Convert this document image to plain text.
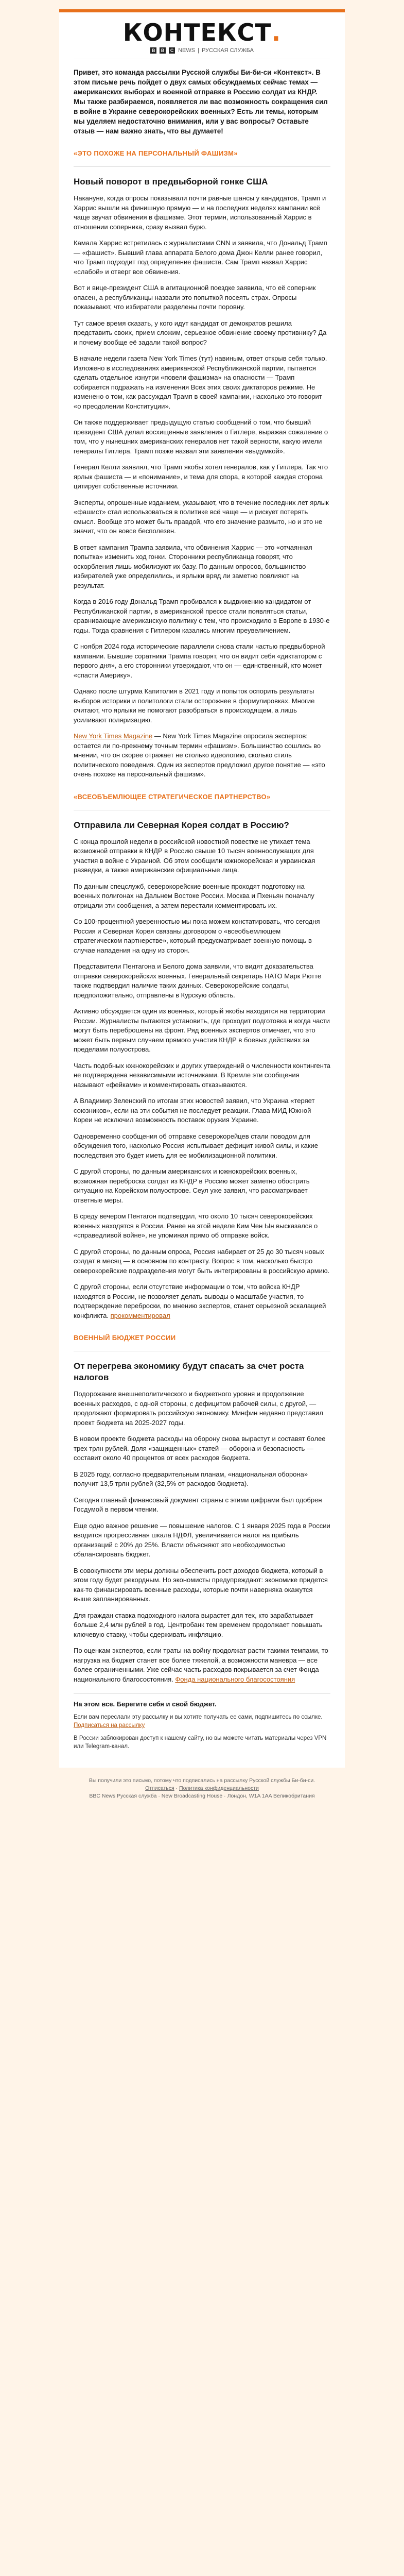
КОНТЕКСТ.
B	B	C NEWS | РУССКАЯ СЛУЖБА

Привет, это команда рассылки Русской службы Би-би-си «Контекст». В этом письме речь пойдет о двух самых обсуждаемых сейчас темах — американских выборах и военной отправке в Россию солдат из КНДР. Мы также разбираемся, появляется ли вас возможность сокращения сил в войне в Украине северокорейских военных? Есть ли темы, которым мы уделяем недостаточно внимания, или у вас вопросы? Оставьте отзыв — нам важно знать, что вы думаете!

«ЭТО ПОХОЖЕ НА ПЕРСОНАЛЬНЫЙ ФАШИЗМ»
Новый поворот в предвыборной гонке США

Накануне, когда опросы показывали почти равные шансы у кандидатов, Трамп и Харрис вышли на финишную прямую — и на последних неделях кампании всё чаще звучат обвинения в фашизме. Этот термин, использованный Харрис в отношении соперника, сразу вызвал бурю.

Камала Харрис встретилась с журналистами CNN и заявила, что Дональд Трамп — «фашист». Бывший глава аппарата Белого дома Джон Келли ранее говорил, что Трамп подходит под определение фашиста. Сам Трамп назвал Харрис «слабой» и отверг все обвинения.

Вот и вице-президент США в агитационной поездке заявила, что её соперник опасен, а республиканцы назвали это попыткой посеять страх. Опросы показывают, что избиратели разделены почти поровну.

Тут самое время сказать, у кого идут кандидат от демократов решила представить своих, прием сложим, серьезное обвинение своему противнику? Да и почему вообще её задали такой вопрос?

В начале недели газета New York Times (тут) навиным, ответ открыв себя только. Изложено в исследованиях американской Республиканской партии, пытается сделать отдельное изнутри «повели фашизма» на опасности — Трамп собирается подражать на изменения Всех этих своих диктаторов режиме. Не изменено о том, как рассуждал Трамп в своей кампании, насколько это говорит «о преодолении Конституции».

Он также поддерживает предыдущую статью сообщений о том, что бывший президент США делал восхищенные заявления о Гитлере, выражая сожаление о том, что у нынешних американских генералов нет такой верности, какую имели генералы Гитлера. Трамп позже назвал эти заявления «выдумкой».

Генерал Келли заявлял, что Трамп якобы хотел генералов, как у Гитлера. Так что ярлык фашиста — и «понимание», и тема для спора, в которой каждая сторона цитирует собственные источники.

Эксперты, опрошенные изданием, указывают, что в течение последних лет ярлык «фашист» стал использоваться в политике всё чаще — и рискует потерять смысл. Вообще это может быть правдой, что его значение размыто, но и это не значит, что он вовсе бесполезен.

В ответ кампания Трампа заявила, что обвинения Харрис — это «отчаянная попытка» изменить ход гонки. Сторонники республиканца говорят, что оскорбления лишь мобилизуют их базу. По данным опросов, большинство избирателей уже определились, и ярлыки вряд ли заметно повлияют на результат.

Когда в 2016 году Дональд Трамп пробивался к выдвижению кандидатом от Республиканской партии, в американской прессе стали появляться статьи, сравнивающие американскую политику с тем, что происходило в Европе в 1930-е годы. Тогда сравнения с Гитлером казались многим преувеличением.

С ноября 2024 года исторические параллели снова стали частью предвыборной кампании. Бывшие соратники Трампа говорят, что он видит себя «диктатором с первого дня», а его сторонники утверждают, что он — единственный, кто может «спасти Америку».

Однако после штурма Капитолия в 2021 году и попыток оспорить результаты выборов историки и политологи стали осторожнее в формулировках. Многие считают, что ярлыки не помогают разобраться в происходящем, а лишь усиливают поляризацию.

New York Times Magazine — New York Times Magazine опросила экспертов: остается ли по-прежнему точным термин «фашизм». Большинство сошлись во мнении, что он скорее отражает не столько идеологию, сколько стиль политического поведения. Один из экспертов предложил другое понятие — «это очень похоже на персональный фашизм».

«ВСЕОБЪЕМЛЮЩЕЕ СТРАТЕГИЧЕСКОЕ ПАРТНЕРСТВО»
Отправила ли Северная Корея солдат в Россию?

С конца прошлой недели в российской новостной повестке не утихает тема возможной отправки в КНДР в Россию свыше 10 тысяч военнослужащих для участия в войне с Украиной. Об этом сообщили южнокорейская и украинская разведки, а также американские официальные лица.

По данным спецслужб, северокорейские военные проходят подготовку на военных полигонах на Дальнем Востоке России. Москва и Пхеньян поначалу отрицали эти сообщения, а затем перестали комментировать их.

Со 100-процентной уверенностью мы пока можем констатировать, что сегодня Россия и Северная Корея связаны договором о «всеобъемлющем стратегическом партнерстве», который предусматривает военную помощь в случае нападения на одну из сторон.

Представители Пентагона и Белого дома заявили, что видят доказательства отправки северокорейских военных. Генеральный секретарь НАТО Марк Рютте также подтвердил наличие таких данных. Северокорейские солдаты, предположительно, отправлены в Курскую область.

Активно обсуждается один из военных, который якобы находится на территории России. Журналисты пытаются установить, где проходит подготовка и когда части могут быть переброшены на фронт. Ряд военных экспертов отмечает, что это может быть первым случаем прямого участия КНДР в боевых действиях за пределами полуострова.

Часть подобных южнокорейских и других утверждений о численности контингента не подтверждена независимыми источниками. В Кремле эти сообщения называют «фейками» и комментировать отказываются.

А Владимир Зеленский по итогам этих новостей заявил, что Украина «теряет союзников», если на эти события не последует реакции. Глава МИД Южной Кореи не исключил возможность поставок оружия Украине.

Одновременно сообщения об отправке северокорейцев стали поводом для обсуждения того, насколько Россия испытывает дефицит живой силы, и какие последствия это будет иметь для ее мобилизационной политики.

С другой стороны, по данным американских и южнокорейских военных, возможная переброска солдат из КНДР в Россию может заметно обострить ситуацию на Корейском полуострове. Сеул уже заявил, что рассматривает ответные меры.

В среду вечером Пентагон подтвердил, что около 10 тысяч северокорейских военных находятся в России. Ранее на этой неделе Ким Чен Ын высказался о «справедливой войне», не упоминая прямо об отправке войск.

С другой стороны, по данным опроса, Россия набирает от 25 до 30 тысяч новых солдат в месяц — в основном по контракту. Вопрос в том, насколько быстро северокорейские подразделения могут быть интегрированы в российскую армию.

С другой стороны, если отсутствие информации о том, что войска КНДР находятся в России, не позволяет делать выводы о масштабе участия, то подтверждение переброски, по мнению экспертов, станет серьезной эскалацией конфликта. прокомментировал

ВОЕННЫЙ БЮДЖЕТ РОССИИ
От перегрева экономику будут спасать за счет роста налогов

Подорожание внешнеполитического и бюджетного уровня и продолжение военных расходов, с одной стороны, с дефицитом рабочей силы, с другой, — продолжают формировать российскую экономику. Минфин недавно представил проект бюджета на 2025-2027 годы.

В новом проекте бюджета расходы на оборону снова вырастут и составят более трех трлн рублей. Доля «защищенных» статей — оборона и безопасность — составит около 40 процентов от всех расходов бюджета.

В 2025 году, согласно предварительным планам, «национальная оборона» получит 13,5 трлн рублей (32,5% от расходов бюджета).

Сегодня главный финансовый документ страны с этими цифрами был одобрен Госдумой в первом чтении.

Еще одно важное решение — повышение налогов. С 1 января 2025 года в России вводится прогрессивная шкала НДФЛ, увеличивается налог на прибыль организаций с 20% до 25%. Власти объясняют это необходимостью сбалансировать бюджет.

В совокупности эти меры должны обеспечить рост доходов бюджета, который в этом году будет рекордным. Но экономисты предупреждают: экономике придется как-то финансировать военные расходы, которые почти наверняка окажутся выше запланированных.

Для граждан ставка подоходного налога вырастет для тех, кто зарабатывает больше 2,4 млн рублей в год. Центробанк тем временем продолжает повышать ключевую ставку, чтобы сдерживать инфляцию.

По оценкам экспертов, если траты на войну продолжат расти такими темпами, то нагрузка на бюджет станет все более тяжелой, а возможности маневра — все более ограниченными. Уже сейчас часть расходов покрывается за счет Фонда национального благосостояния. Фонда национального благосостояния

На этом все. Берегите себя и свой бюджет.

Если вам переслали эту рассылку и вы хотите получать ее сами, подпишитесь по ссылке. Подписаться на рассылку

В России заблокирован доступ к нашему сайту, но вы можете читать материалы через VPN или Telegram-канал.

Вы получили это письмо, потому что подписались на рассылку Русской службы Би-би-си.
Отписаться · Политика конфиденциальности
BBC News Русская служба · New Broadcasting House · Лондон, W1A 1AA Великобритания
